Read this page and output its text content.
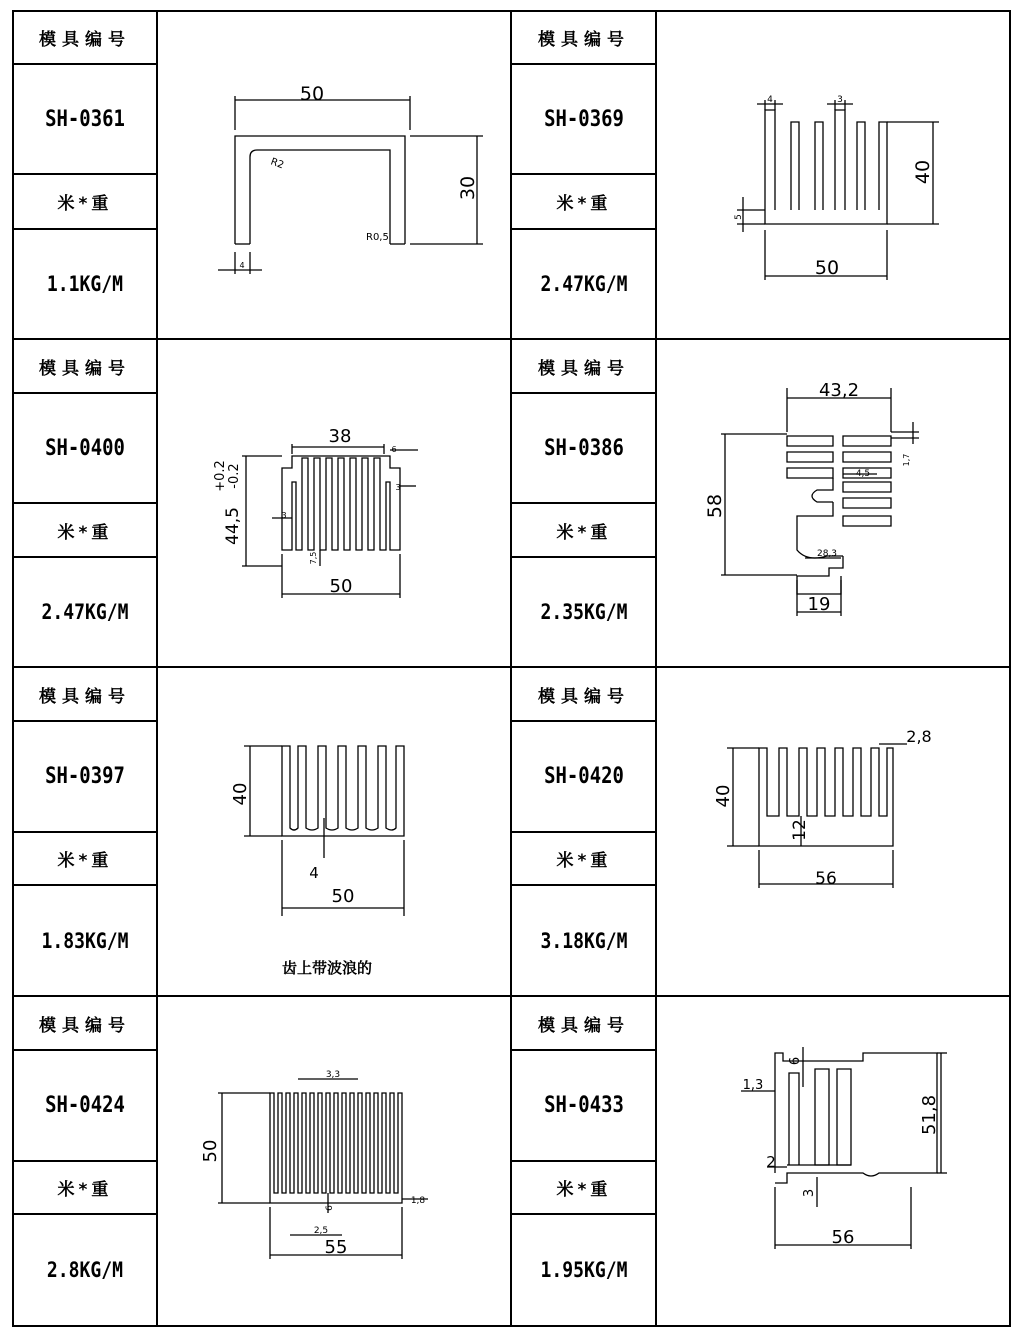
模具编号
SH-0361
米*重
1.1KG/M
50
30
R2
R0,5
4
模具编号
SH-0369
米*重
2.47KG/M
4	3
40
5
50
模具编号
SH-0400
米*重
2.47KG/M
38
6
3
3
44,5
+0.2 -0.2
7,5
50
模具编号
SH-0386
米*重
2.35KG/M
43,2
1,7
4,5
58
28,3
19
模具编号
SH-0397
米*重
1.83KG/M
40
4
50
齿上带波浪的
模具编号
SH-0420
米*重
3.18KG/M
2,8
40
12
56
模具编号
SH-0424
米*重
2.8KG/M
3,3
50
1,8
6
2,5
55
模具编号
SH-0433
米*重
1.95KG/M
6
1,3
51,8
2
3
56
